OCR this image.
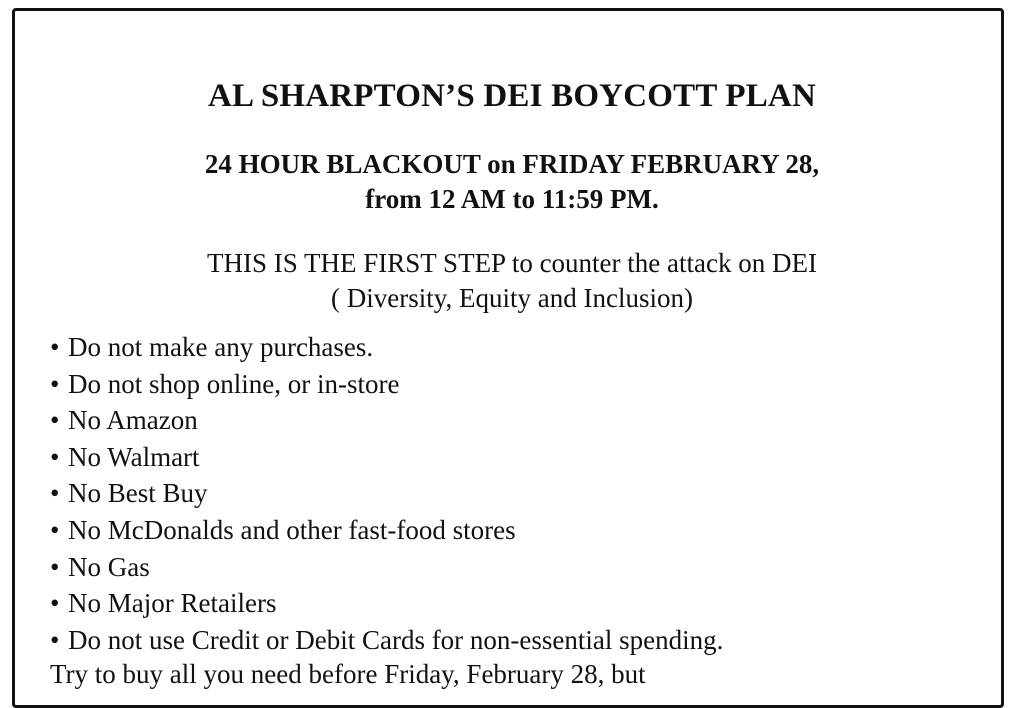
AL SHARPTON’S DEI BOYCOTT PLAN

24 HOUR BLACKOUT on FRIDAY FEBRUARY 28,
from 12 AM to 11:59 PM.

THIS IS THE FIRST STEP to counter the attack on DEI
( Diversity, Equity and Inclusion)

• Do not make any purchases.
• Do not shop online, or in-store
• No Amazon
• No Walmart
• No Best Buy
• No McDonalds and other fast-food stores
• No Gas
• No Major Retailers
• Do not use Credit or Debit Cards for non-essential spending.

Try to buy all you need before Friday, February 28, but
